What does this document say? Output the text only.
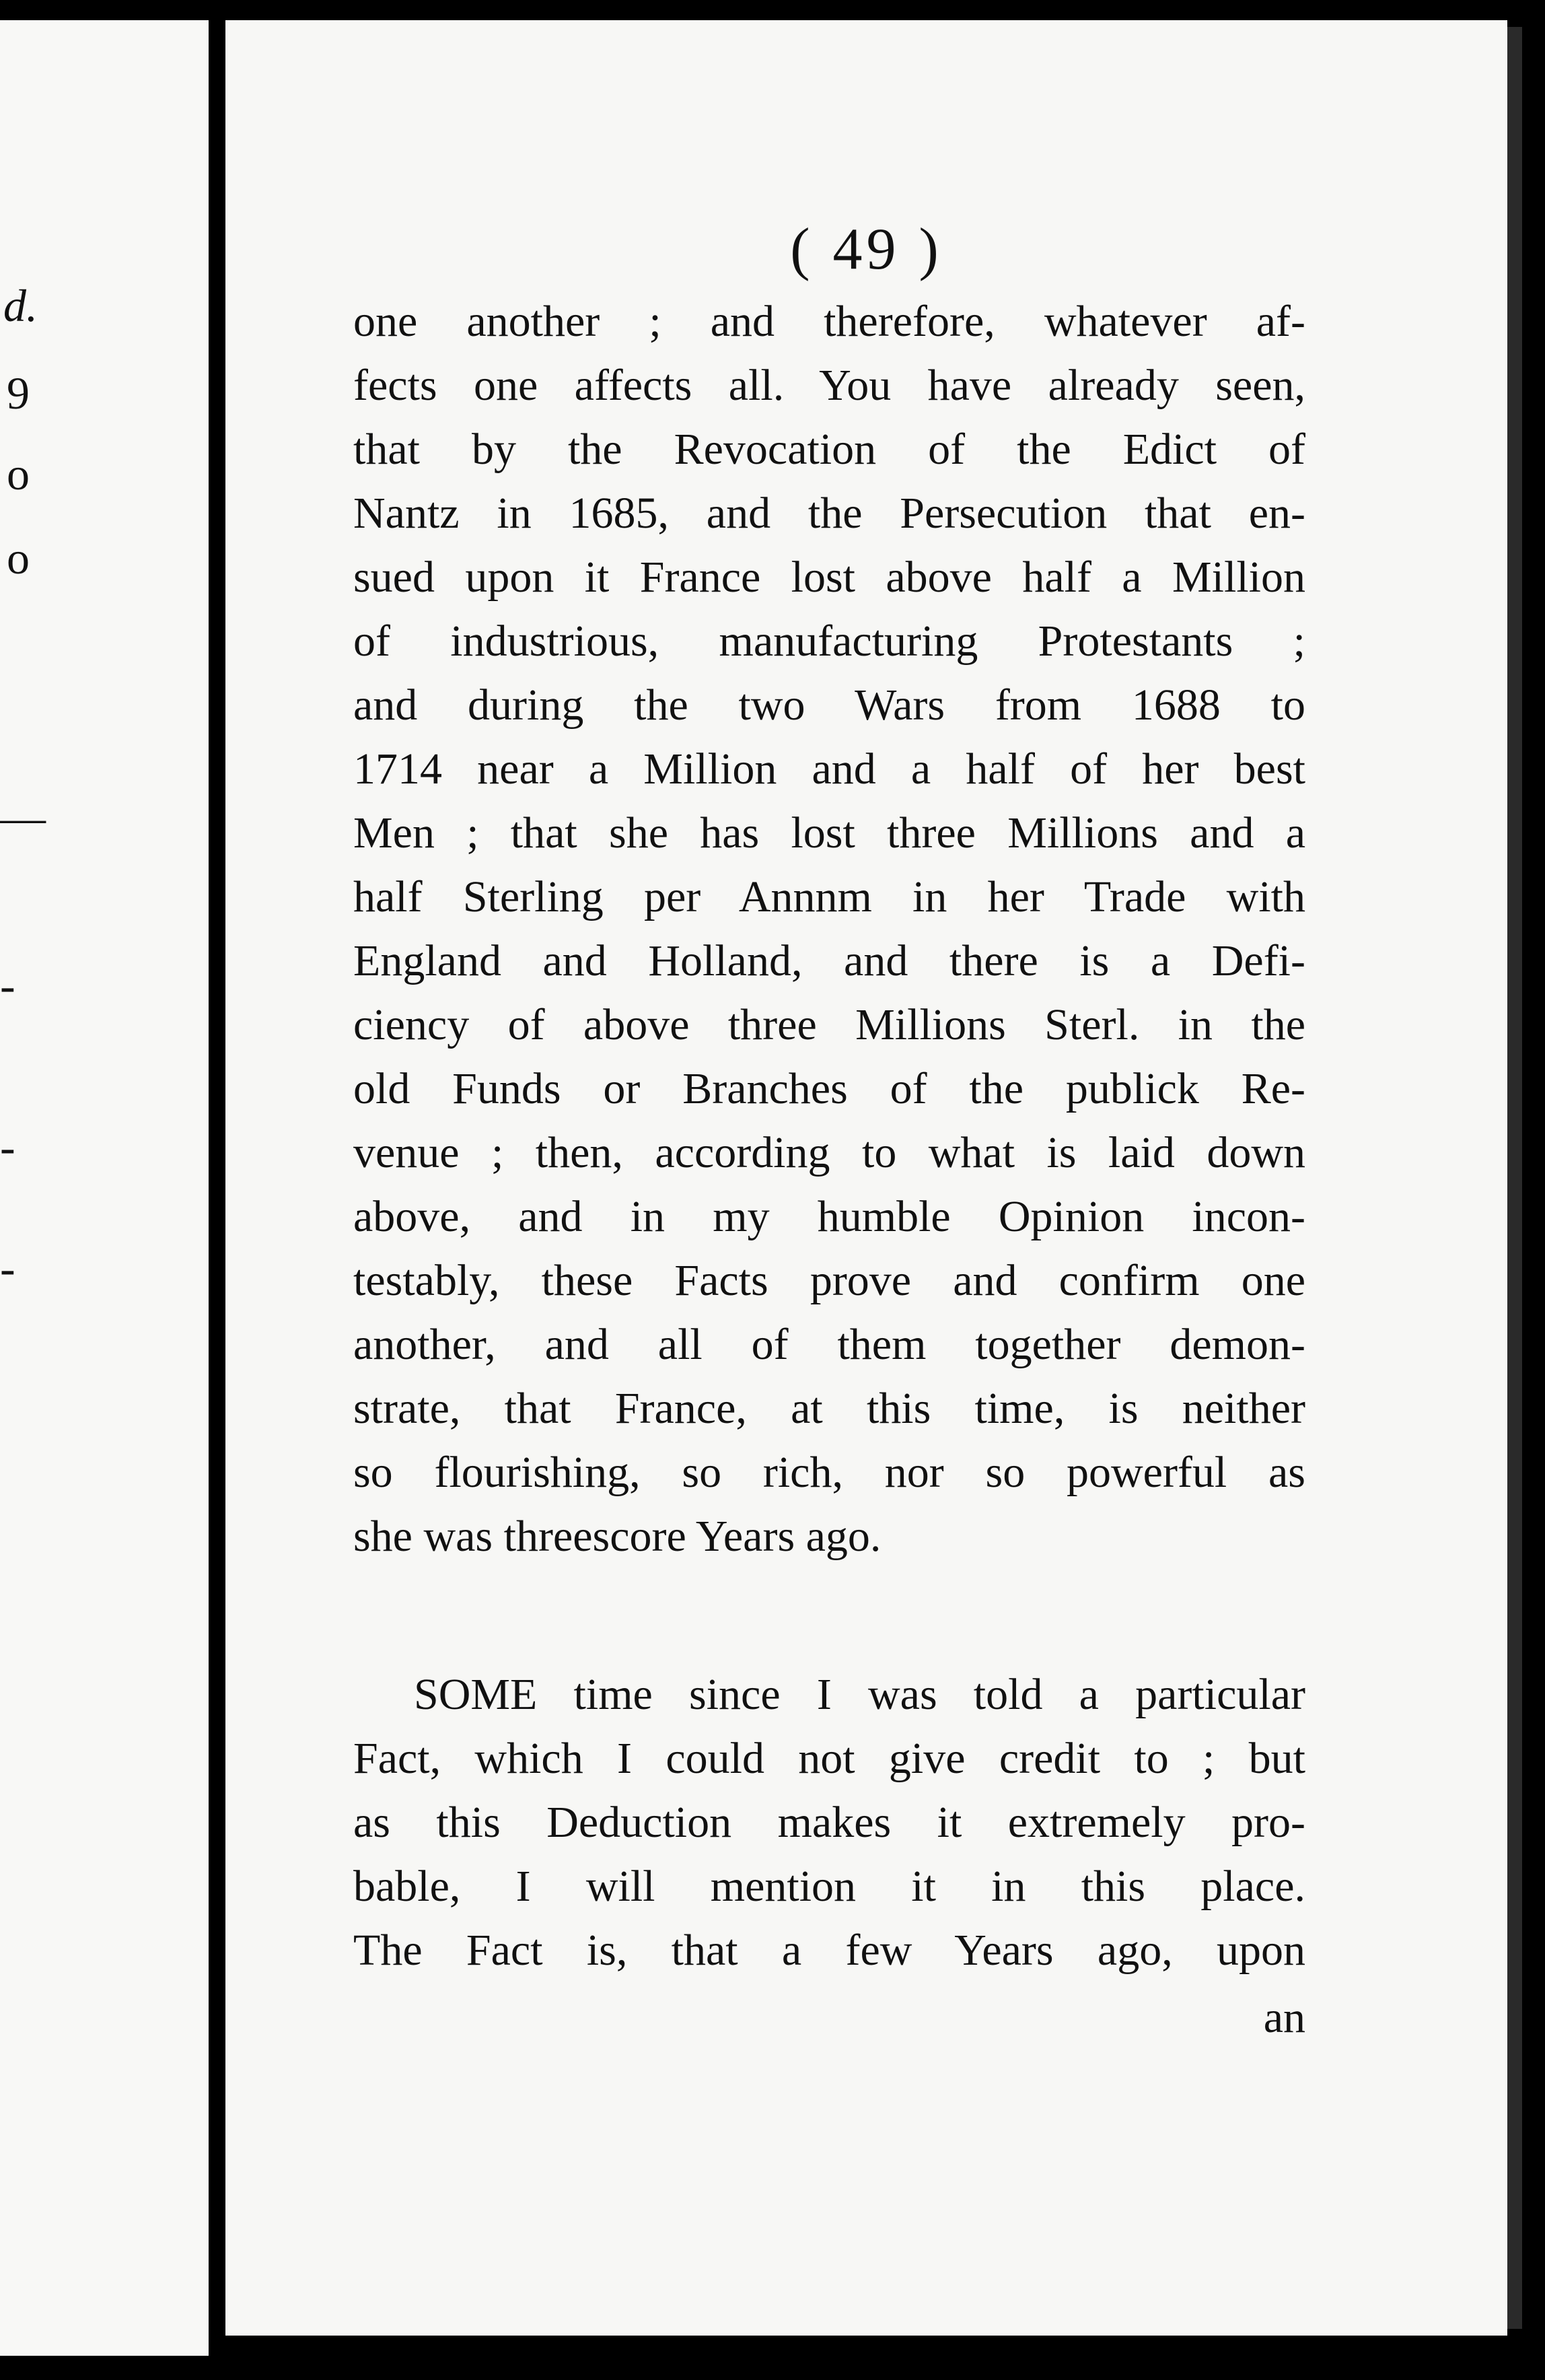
d.
9
o
o
—
-
-
-
( 49 )
one another ; and therefore, whatever af-
fects one affects all. You have already seen,
that by the Revocation of the Edict of
Nantz in 1685, and the Persecution that en-
sued upon it France lost above half a Million
of industrious, manufacturing Protestants ;
and during the two Wars from 1688 to
1714 near a Million and a half of her best
Men ; that she has lost three Millions and a
half Sterling per Annnm in her Trade with
England and Holland, and there is a Defi-
ciency of above three Millions Sterl. in the
old Funds or Branches of the publick Re-
venue ; then, according to what is laid down
above, and in my humble Opinion incon-
testably, these Facts prove and confirm one
another, and all of them together demon-
strate, that France, at this time, is neither
so flourishing, so rich, nor so powerful as
she was threescore Years ago.
SOME time since I was told a particular
Fact, which I could not give credit to ; but
as this Deduction makes it extremely pro-
bable, I will mention it in this place.
The Fact is, that a few Years ago, upon
an
